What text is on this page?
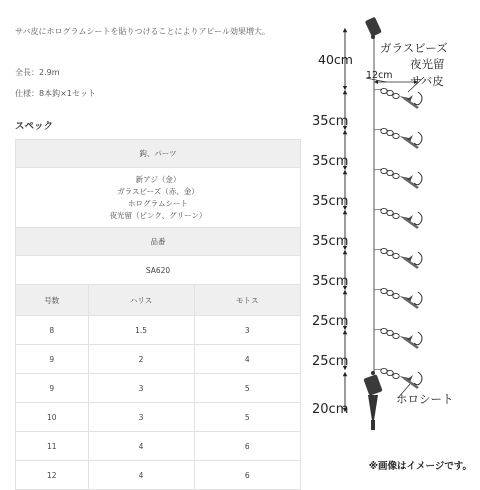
サバ皮にホログラムシートを貼りつけることによりアピール効果増大。
全長：2.9m
仕様：8本鈎×1セット
スペック
鈎、パーツ		

新アジ（金）
ガラスビーズ（赤、金）
ホログラムシート
夜光留（ピンク、グリーン）		

品番		
SA620		
号数	ハリス	モトス
8	1.5	3
9	2	4
9	3	5
10	3	5
11	4	6
12	4	6
35cm
35cm
35cm
35cm
35cm
25cm
25cm
20cm
40cm
ガラスビーズ
夜光留
サバ皮
12cm
ホロシート
※画像はイメージです。
